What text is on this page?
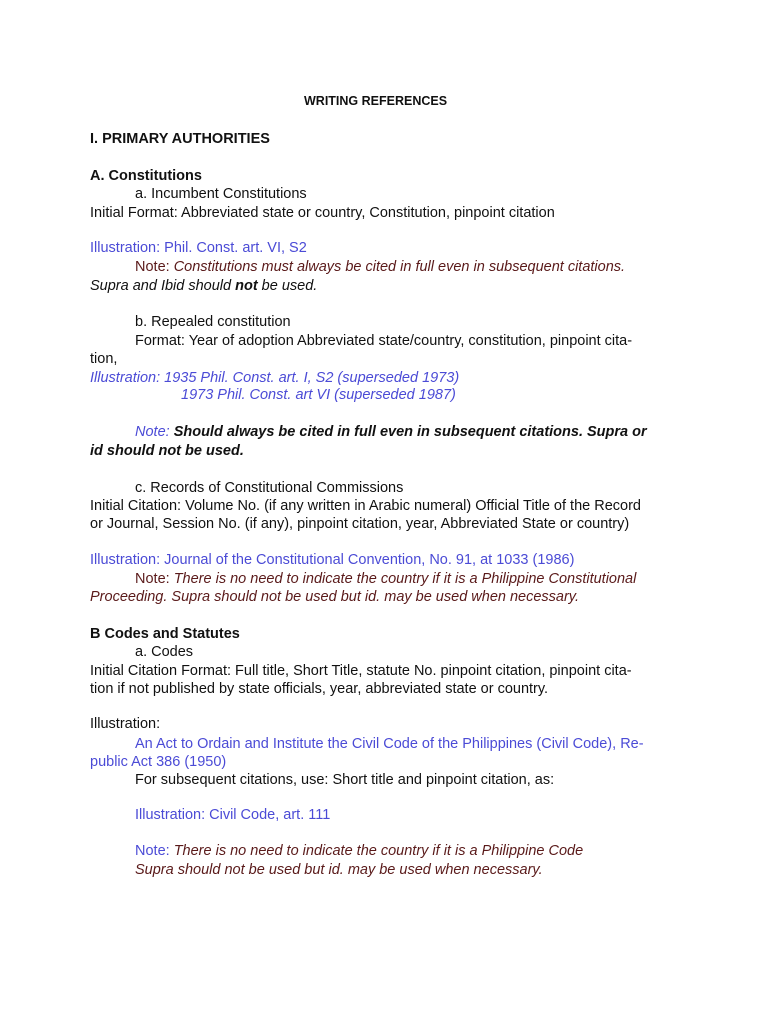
WRITING REFERENCES
I. PRIMARY AUTHORITIES
A. Constitutions
a. Incumbent Constitutions
Initial Format: Abbreviated state or country, Constitution, pinpoint citation
Illustration: Phil. Const. art. VI, S2
Note: Constitutions must always be cited in full even in subsequent citations.
Supra and Ibid should not be used.
b. Repealed constitution
Format: Year of adoption Abbreviated state/country, constitution, pinpoint cita-
tion,
Illustration: 1935 Phil. Const. art. I, S2 (superseded 1973)
1973 Phil. Const. art VI (superseded 1987)
Note: Should always be cited in full even in subsequent citations. Supra or
id should not be used.
c. Records of Constitutional Commissions
Initial Citation: Volume No. (if any written in Arabic numeral) Official Title of the Record
or Journal, Session No. (if any), pinpoint citation, year, Abbreviated State or country)
Illustration: Journal of the Constitutional Convention, No. 91, at 1033 (1986)
Note: There is no need to indicate the country if it is a Philippine Constitutional
Proceeding. Supra should not be used but id. may be used when necessary.
B Codes and Statutes
a. Codes
Initial Citation Format: Full title, Short Title, statute No. pinpoint citation, pinpoint cita-
tion if not published by state officials, year, abbreviated state or country.
Illustration:
An Act to Ordain and Institute the Civil Code of the Philippines (Civil Code), Re-
public Act 386 (1950)
For subsequent citations, use: Short title and pinpoint citation, as:
Illustration: Civil Code, art. 111
Note: There is no need to indicate the country if it is a Philippine Code
Supra should not be used but id. may be used when necessary.
